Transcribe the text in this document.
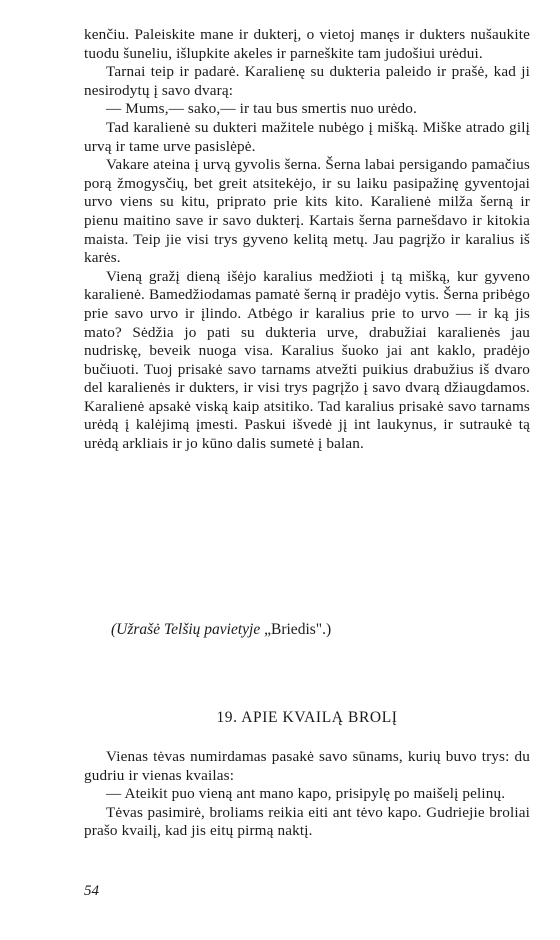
kenčiu. Paleiskite mane ir dukterį, o vietoj manęs ir dukters nušaukite tuodu šuneliu, išlupkite akeles ir parneškite tam judošiui urėdui.

Tarnai teip ir padarė. Karalienę su dukteria paleido ir prašė, kad ji nesirodytų į savo dvarą:

— Mums,— sako,— ir tau bus smertis nuo urėdo.

Tad karalienė su dukteri mažitele nubėgo į mišką. Miške atrado gilį urvą ir tame urve pasislėpė.

Vakare ateina į urvą gyvolis šerna. Šerna labai persigando pamačius porą žmogysčių, bet greit atsitekėjo, ir su laiku pasipažinę gyventojai urvo viens su kitu, priprato prie kits kito. Karalienė milža šerną ir pienu maitino save ir savo dukterį. Kartais šerna parnešdavo ir kitokia maista. Teip jie visi trys gyveno kelitą metų. Jau pagrįžo ir karalius iš karės.

Vieną gražį dieną išėjo karalius medžioti į tą mišką, kur gyveno karalienė. Bamedžiodamas pamatė šerną ir pradėjo vytis. Šerna pribėgo prie savo urvo ir įlindo. Atbėgo ir karalius prie to urvo — ir ką jis mato? Sėdžia jo pati su dukteria urve, drabužiai karalienės jau nudriskę, beveik nuoga visa. Karalius šuoko jai ant kaklo, pradėjo bučiuoti. Tuoj prisakė savo tarnams atvežti puikius drabužius iš dvaro del karalienės ir dukters, ir visi trys pagrįžo į savo dvarą džiaugdamos. Karalienė apsakė viską kaip atsitiko. Tad karalius prisakė savo tarnams urėdą į kalėjimą įmesti. Paskui išvedė jį int laukynus, ir sutraukė tą urėdą arkliais ir jo kūno dalis sumetė į balan.

(Užrašė Telšių pavietyje „Briedis".)
19. APIE KVAILĄ BROLĮ

Vienas tėvas numirdamas pasakė savo sūnams, kurių buvo trys: du gudriu ir vienas kvailas:

— Ateikit puo vieną ant mano kapo, prisipylę po maišelį pelinų.

Tėvas pasimirė, broliams reikia eiti ant tėvo kapo. Gudriejie broliai prašo kvailį, kad jis eitų pirmą naktį.

54
